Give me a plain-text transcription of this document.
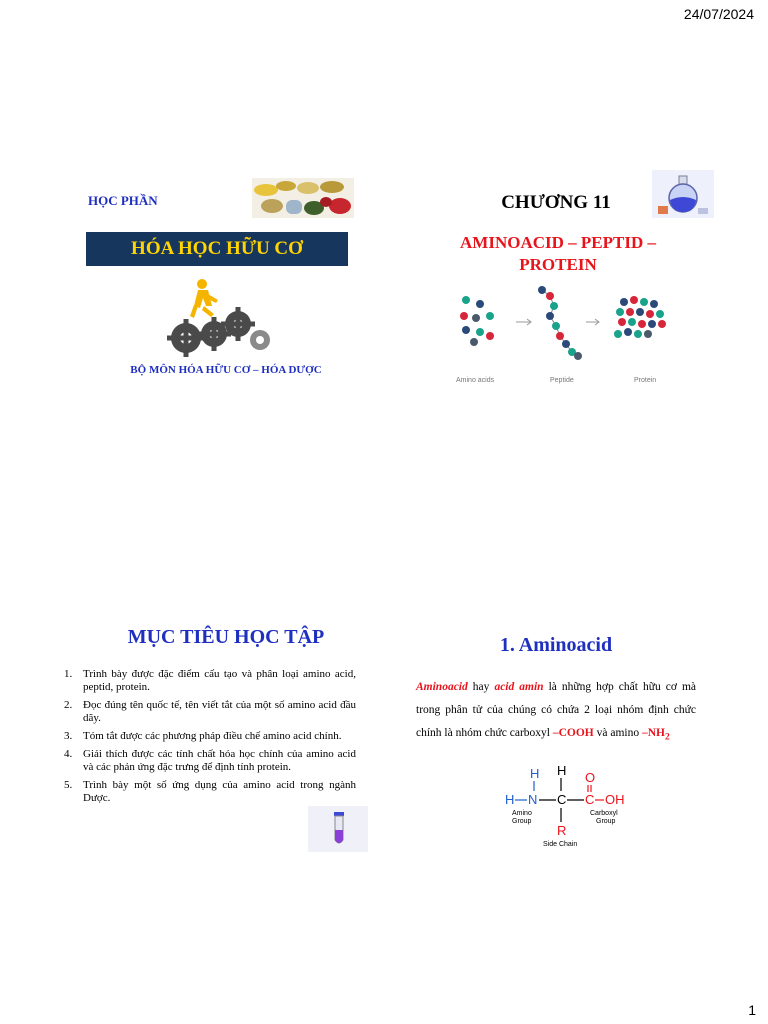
24/07/2024
HỌC PHẦN
HÓA HỌC HỮU CƠ
BỘ MÔN HÓA HỮU CƠ – HÓA DƯỢC
CHƯƠNG 11
AMINOACID – PEPTID –
PROTEIN
Amino acids	Peptide	Protein
MỤC TIÊU HỌC TẬP
1. Trình bày được đặc điểm cấu tạo và phân loại amino acid, peptid, protein.
2. Đọc đúng tên quốc tế, tên viết tắt của một số amino acid đầu dãy.
3. Tóm tắt được các phương pháp điều chế amino acid chính.
4. Giải thích được các tính chất hóa học chính của amino acid và các phản ứng đặc trưng để định tính protein.
5. Trình bày một số ứng dụng của amino acid trong ngành Dược.
1. Aminoacid
Aminoacid hay acid amin là những hợp chất hữu cơ mà trong phân tử của chúng có chứa 2 loại nhóm định chức chính là nhóm chức carboxyl –COOH và amino $-NH_2$
H
H N C
H
C
O
OH
R
Amino
Group
Carboxyl
Group
Side Chain
1
